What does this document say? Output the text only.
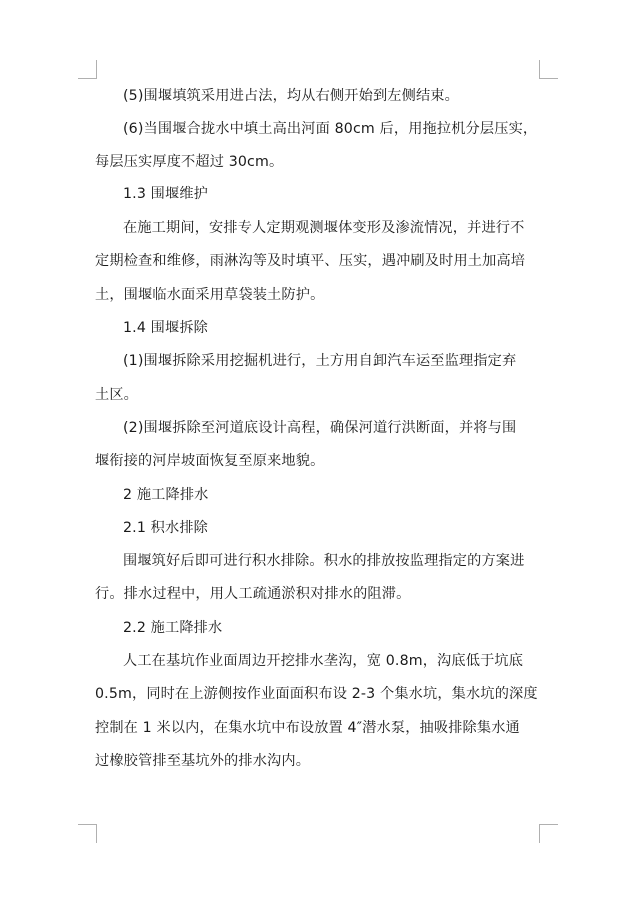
(5)围堰填筑采用进占法，均从右侧开始到左侧结束。
(6)当围堰合拢水中填土高出河面 80cm 后，用拖拉机分层压实，
每层压实厚度不超过 30cm。
1.3 围堰维护
在施工期间，安排专人定期观测堰体变形及渗流情况，并进行不
定期检查和维修，雨淋沟等及时填平、压实，遇冲刷及时用土加高培
土，围堰临水面采用草袋装土防护。
1.4 围堰拆除
(1)围堰拆除采用挖掘机进行，土方用自卸汽车运至监理指定弃
土区。
(2)围堰拆除至河道底设计高程，确保河道行洪断面，并将与围
堰衔接的河岸坡面恢复至原来地貌。
2 施工降排水
2.1 积水排除
围堰筑好后即可进行积水排除。积水的排放按监理指定的方案进
行。排水过程中，用人工疏通淤积对排水的阻滞。
2.2 施工降排水
人工在基坑作业面周边开挖排水垄沟，宽 0.8m，沟底低于坑底
0.5m，同时在上游侧按作业面面积布设 2-3 个集水坑，集水坑的深度
控制在 1 米以内，在集水坑中布设放置 4″潜水泵，抽吸排除集水通
过橡胶管排至基坑外的排水沟内。
